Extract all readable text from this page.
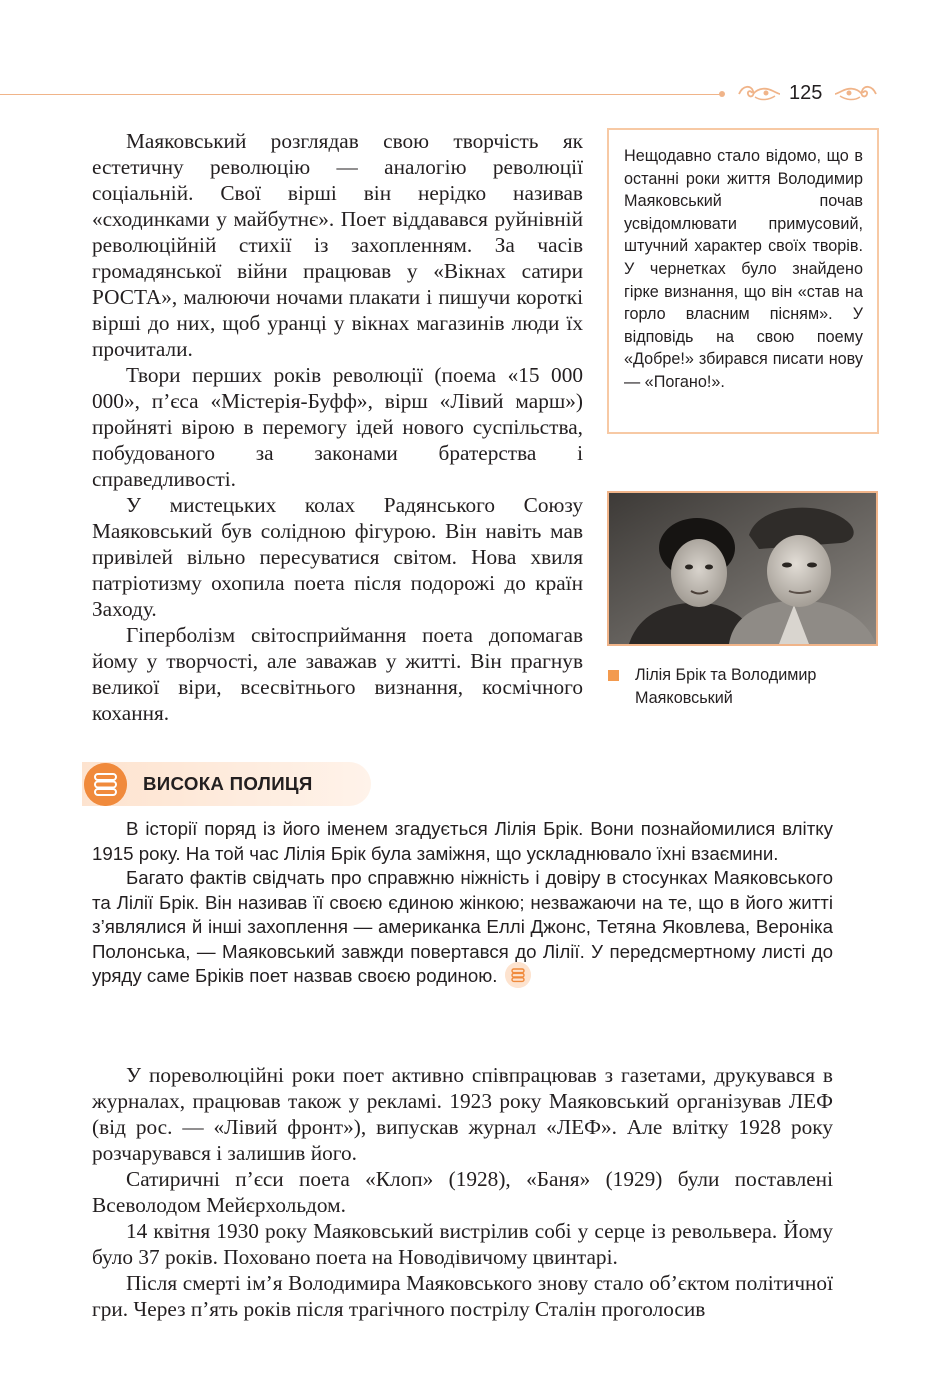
125

Маяковський розглядав свою творчість як естетичну революцію — аналогію революції соціальній. Свої вірші він нерідко називав «сходинками у майбутнє». Поет віддавався руйнівній революційній стихії із захопленням. За часів громадянської війни працював у «Вікнах сатири РОСТА», малюючи ночами плакати і пишучи короткі вірші до них, щоб уранці у вікнах магазинів люди їх прочитали.

Твори перших років революції (поема «15 000 000», п’єса «Містерія-Буфф», вірш «Лівий марш») пройняті вірою в перемогу ідей нового суспільства, побудованого за законами братерства і справедливості.

У мистецьких колах Радянського Союзу Маяковський був солідною фігурою. Він навіть мав привілей вільно пересуватися світом. Нова хвиля патріотизму охопила поета після подорожі до країн Заходу.

Гіперболізм світосприймання поета допомагав йому у творчості, але заважав у житті. Він прагнув великої віри, всесвітнього визнання, космічного кохання.

Нещодавно стало відомо, що в останні роки життя Володимир Маяковський почав усвідомлювати примусовий, штучний характер своїх творів. У чернетках було знайдено гірке визнання, що він «став на горло власним пісням». У відповідь на свою поему «Добре!» збирався писати нову — «Погано!».

Лілія Брік та Володимир Маяковський
ВИСОКА ПОЛИЦЯ

В історії поряд із його іменем згадується Лілія Брік. Вони познайомилися влітку 1915 року. На той час Лілія Брік була заміжня, що ускладнювало їхні взаємини.

Багато фактів свідчать про справжню ніжність і довіру в стосунках Маяковського та Лілії Брік. Він називав її своєю єдиною жінкою; незважаючи на те, що в його житті з’являлися й інші захоплення — американка Еллі Джонс, Тетяна Яковлева, Вероніка Полонська, — Маяковський завжди повертався до Лілії. У передсмертному листі до уряду саме Бріків поет назвав своєю родиною.

У пореволюційні роки поет активно співпрацював з газетами, друкувався в журналах, працював також у рекламі. 1923 року Маяковський організував ЛЕФ (від рос. — «Лівий фронт»), випускав журнал «ЛЕФ». Але влітку 1928 року розчарувався і залишив його.

Сатиричні п’єси поета «Клоп» (1928), «Баня» (1929) були поставлені Всеволодом Мейєрхольдом.

14 квітня 1930 року Маяковський вистрілив собі у серце із револьвера. Йому було 37 років. Поховано поета на Новодівичому цвинтарі.

Після смерті ім’я Володимира Маяковського знову стало об’єктом політичної гри. Через п’ять років після трагічного пострілу Сталін проголосив
